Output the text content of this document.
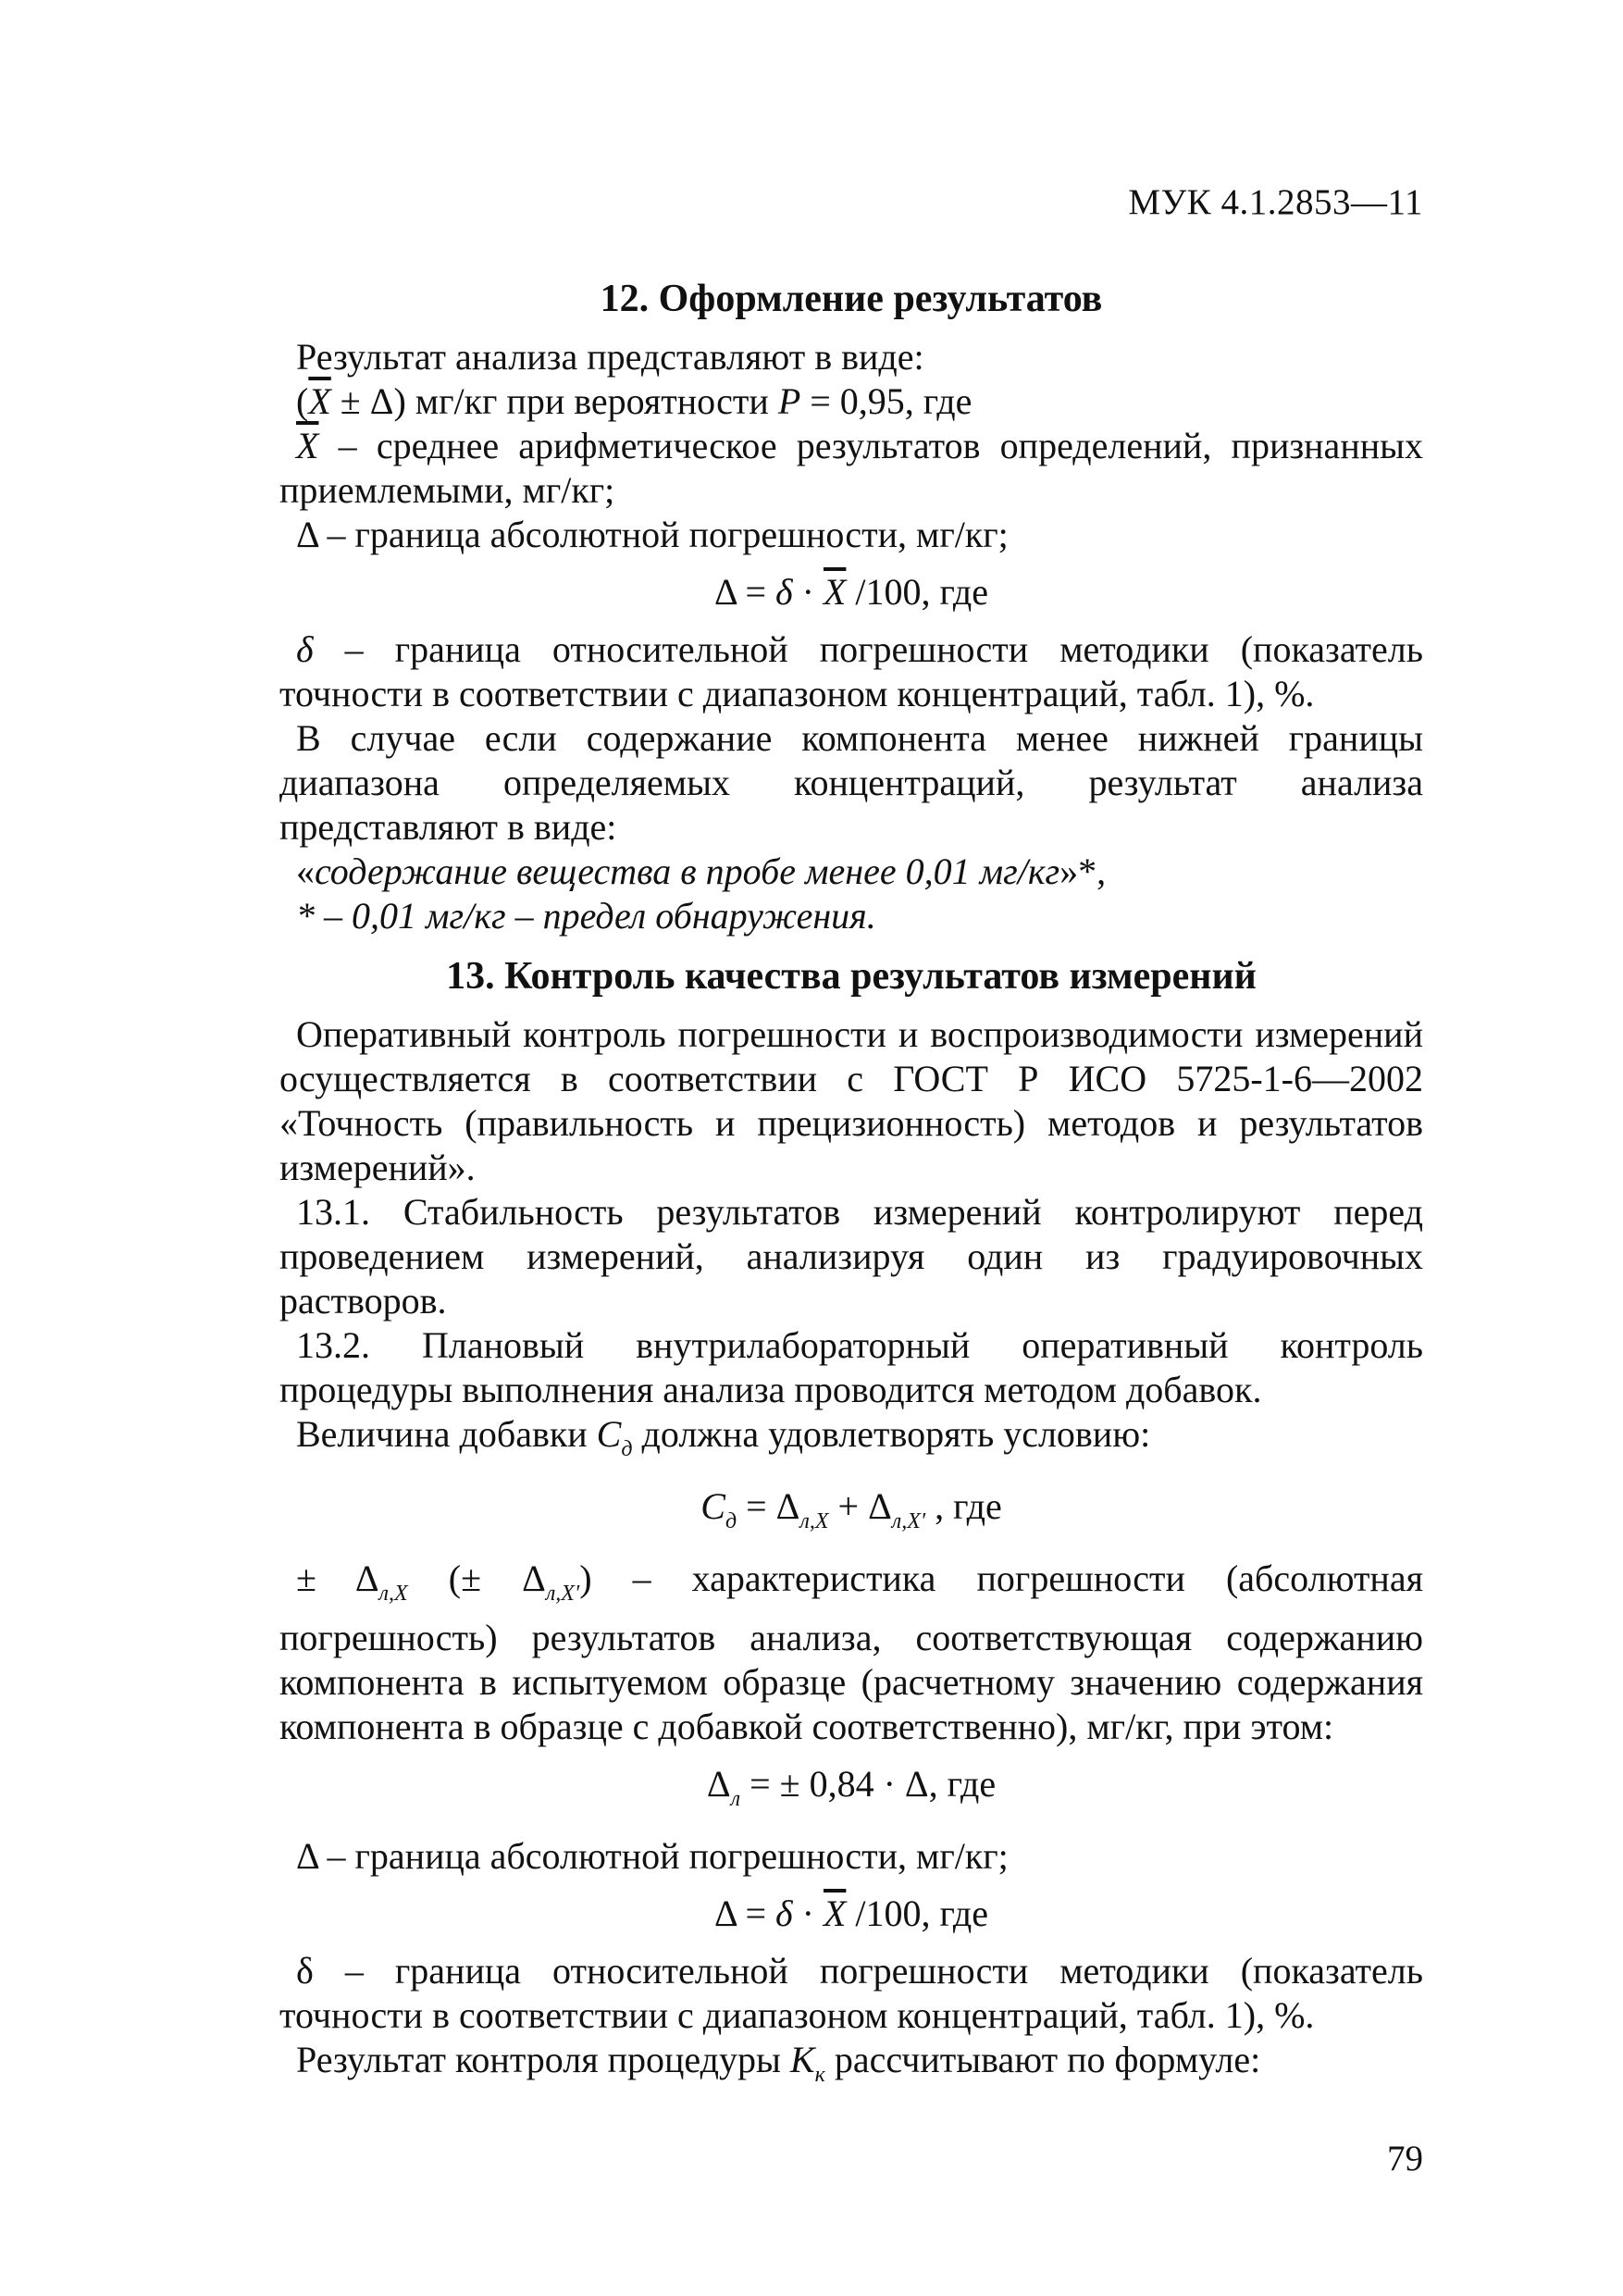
МУК 4.1.2853—11
12. Оформление результатов

Результат анализа представляют в виде:

$(\overline{X} \pm \Delta)$ мг/кг при вероятности P = 0,95, где

$\overline{X}$ – среднее арифметическое результатов определений, признанных приемлемыми, мг/кг;

Δ – граница абсолютной погрешности, мг/кг;

$\Delta = \delta \cdot \overline{X}$ /100, где

δ – граница относительной погрешности методики (показатель точности в соответствии с диапазоном концентраций, табл. 1), %.

В случае если содержание компонента менее нижней границы диапазона определяемых концентраций, результат анализа представляют в виде:

«содержание вещества в пробе менее 0,01 мг/кг»*,

* – 0,01 мг/кг – предел обнаружения.

13. Контроль качества результатов измерений

Оперативный контроль погрешности и воспроизводимости измерений осуществляется в соответствии с ГОСТ Р ИСО 5725-1-6—2002 «Точность (правильность и прецизионность) методов и результатов измерений».

13.1. Стабильность результатов измерений контролируют перед проведением измерений, анализируя один из градуировочных растворов.

13.2. Плановый внутрилабораторный оперативный контроль процедуры выполнения анализа проводится методом добавок.

Величина добавки $C_д$ должна удовлетворять условию:

$C_д = \Delta_{л,X} + \Delta_{л,X'}$ , где

± $\Delta_{л,X}$ (± $\Delta_{л,X'}$) – характеристика погрешности (абсолютная погрешность) результатов анализа, соответствующая содержанию компонента в испытуемом образце (расчетному значению содержания компонента в образце с добавкой соответственно), мг/кг, при этом:

$\Delta_л$ = ± 0,84 · Δ, где

Δ – граница абсолютной погрешности, мг/кг;

$\Delta = \delta \cdot \overline{X}$ /100, где

δ – граница относительной погрешности методики (показатель точности в соответствии с диапазоном концентраций, табл. 1), %.

Результат контроля процедуры $K_к$ рассчитывают по формуле:

79
